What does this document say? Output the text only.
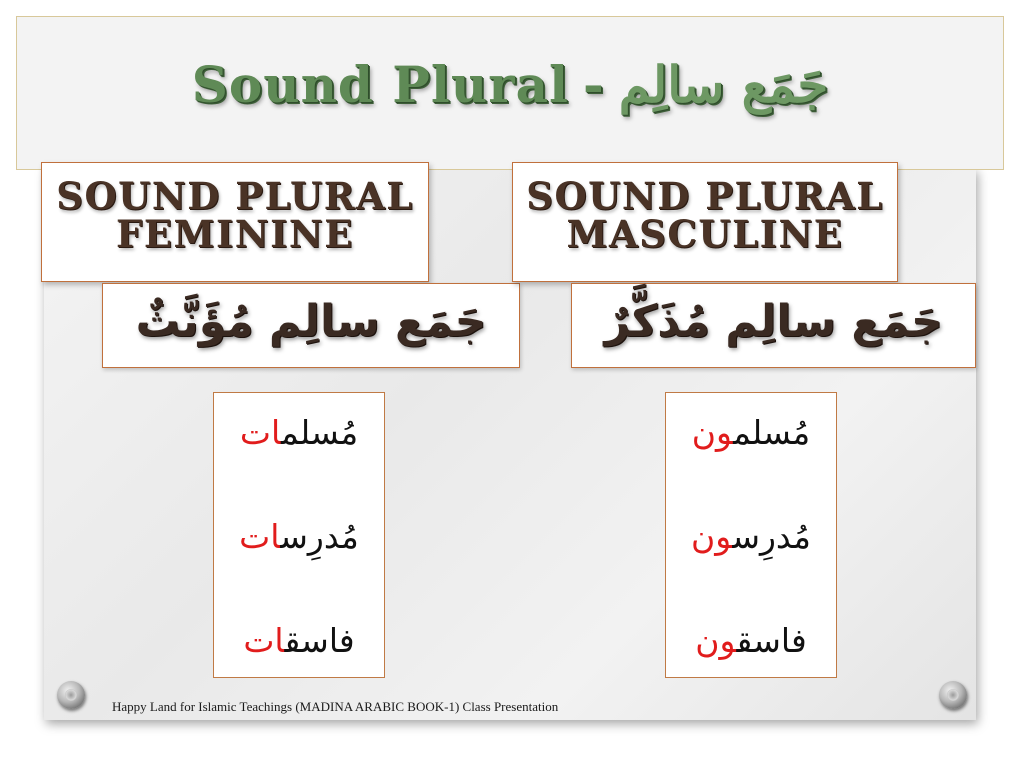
Sound Plural - جَمَع سالِم
SOUND PLURAL
FEMININE
جَمَع سالِم مُؤَنَّثٌ
مُسلمات
مُدرِسات
فاسقات
SOUND PLURAL
MASCULINE
جَمَع سالِم مُذَكَّرٌ
مُسلمون
مُدرِسون
فاسقون
Happy Land for Islamic Teachings (MADINA ARABIC BOOK-1) Class Presentation
